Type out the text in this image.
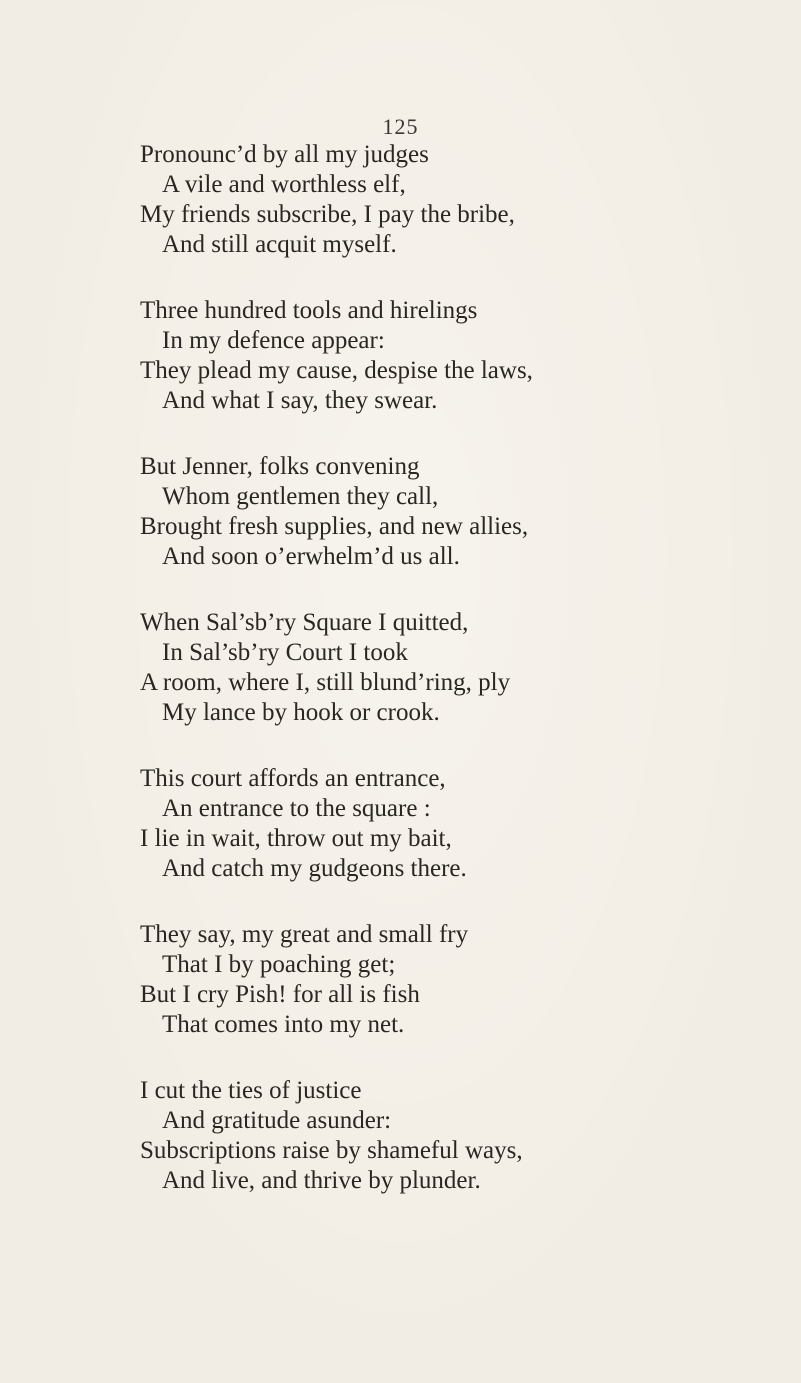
125
Pronounc’d by all my judges
A vile and worthless elf,
My friends subscribe, I pay the bribe,
And still acquit myself.
Three hundred tools and hirelings
In my defence appear:
They plead my cause, despise the laws,
And what I say, they swear.
But Jenner, folks convening
Whom gentlemen they call,
Brought fresh supplies, and new allies,
And soon o’erwhelm’d us all.
When Sal’sb’ry Square I quitted,
In Sal’sb’ry Court I took
A room, where I, still blund’ring, ply
My lance by hook or crook.
This court affords an entrance,
An entrance to the square :
I lie in wait, throw out my bait,
And catch my gudgeons there.
They say, my great and small fry
That I by poaching get;
But I cry Pish! for all is fish
That comes into my net.
I cut the ties of justice
And gratitude asunder:
Subscriptions raise by shameful ways,
And live, and thrive by plunder.
